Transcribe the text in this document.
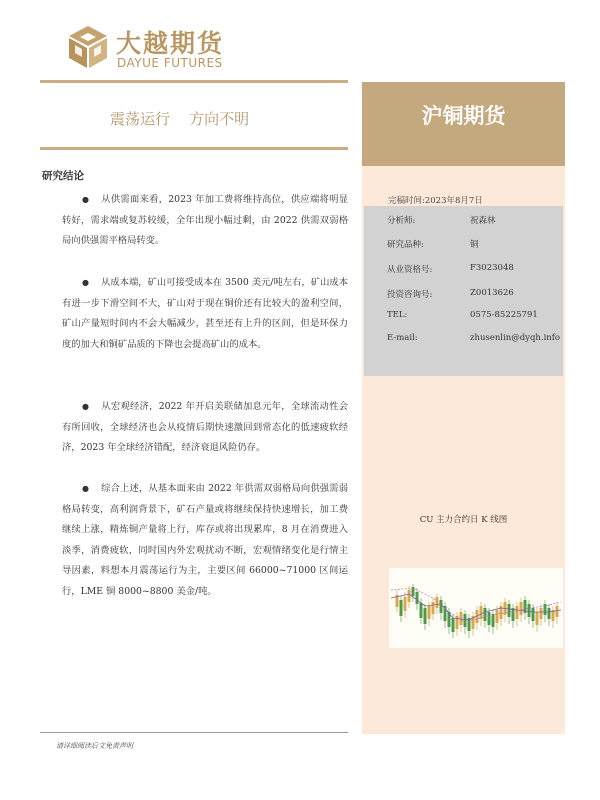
大越期货
DAYUE FUTURES
震荡运行    方向不明	沪铜期货
完稿时间:2023年8月7日
分析师:	祝森林
研究品种:	铜
从业资格号:	F3023048
投资咨询号:	Z0013626
TEL:	0575-85225791
E-mail:	zhusenlin@dyqh.info
CU 主力合约日 K 线图
研究结论

● 从供需面来看，2023 年加工费将维持高位，供应端将明显转好，需求端或复苏较缓，全年出现小幅过剩，由 2022 供需双弱格局向供强需平格局转变。

● 从成本端，矿山可接受成本在 3500 美元/吨左右，矿山成本有进一步下滑空间不大，矿山对于现在铜价还有比较大的盈利空间，矿山产量短时间内不会大幅减少，甚至还有上升的区间，但是环保力度的加大和铜矿品质的下降也会提高矿山的成本。

● 从宏观经济，2022 年开启美联储加息元年，全球流动性会有所回收，全球经济也会从疫情后期快速激回到常态化的低速疲软经济，2023 年全球经济错配，经济衰退风险仍存。

● 综合上述，从基本面来由 2022 年供需双弱格局向供强需弱格局转变，高利润背景下，矿石产量或将继续保持快速增长，加工费继续上涨，精炼铜产量将上行，库存或将出现累库，8 月在消费进入淡季，消费疲软，同时国内外宏观扰动不断，宏观情绪变化是行情主导因素，料想本月震荡运行为主，主要区间 66000~71000 区间运行，LME 铜 8000~8800 美金/吨。

请详细阅读后文免责声明
